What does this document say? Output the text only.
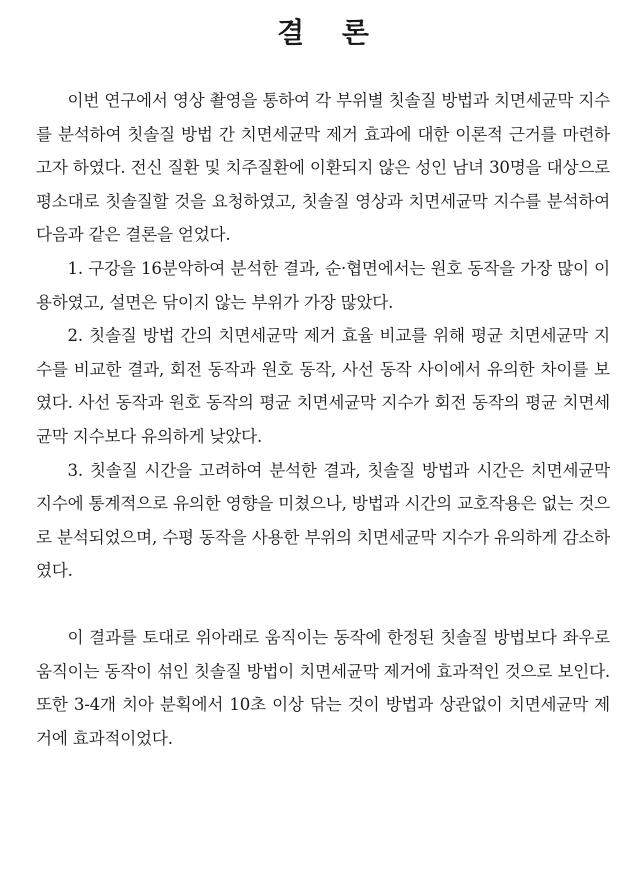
결 론

이번 연구에서 영상 촬영을 통하여 각 부위별 칫솔질 방법과 치면세균막 지수를 분석하여 칫솔질 방법 간 치면세균막 제거 효과에 대한 이론적 근거를 마련하고자 하였다. 전신 질환 및 치주질환에 이환되지 않은 성인 남녀 30명을 대상으로 평소대로 칫솔질할 것을 요청하였고, 칫솔질 영상과 치면세균막 지수를 분석하여 다음과 같은 결론을 얻었다.

1. 구강을 16분악하여 분석한 결과, 순·협면에서는 원호 동작을 가장 많이 이용하였고, 설면은 닦이지 않는 부위가 가장 많았다.

2. 칫솔질 방법 간의 치면세균막 제거 효율 비교를 위해 평균 치면세균막 지수를 비교한 결과, 회전 동작과 원호 동작, 사선 동작 사이에서 유의한 차이를 보였다. 사선 동작과 원호 동작의 평균 치면세균막 지수가 회전 동작의 평균 치면세균막 지수보다 유의하게 낮았다.

3. 칫솔질 시간을 고려하여 분석한 결과, 칫솔질 방법과 시간은 치면세균막 지수에 통계적으로 유의한 영향을 미쳤으나, 방법과 시간의 교호작용은 없는 것으로 분석되었으며, 수평 동작을 사용한 부위의 치면세균막 지수가 유의하게 감소하였다.

이 결과를 토대로 위아래로 움직이는 동작에 한정된 칫솔질 방법보다 좌우로 움직이는 동작이 섞인 칫솔질 방법이 치면세균막 제거에 효과적인 것으로 보인다. 또한 3-4개 치아 분획에서 10초 이상 닦는 것이 방법과 상관없이 치면세균막 제거에 효과적이었다.
